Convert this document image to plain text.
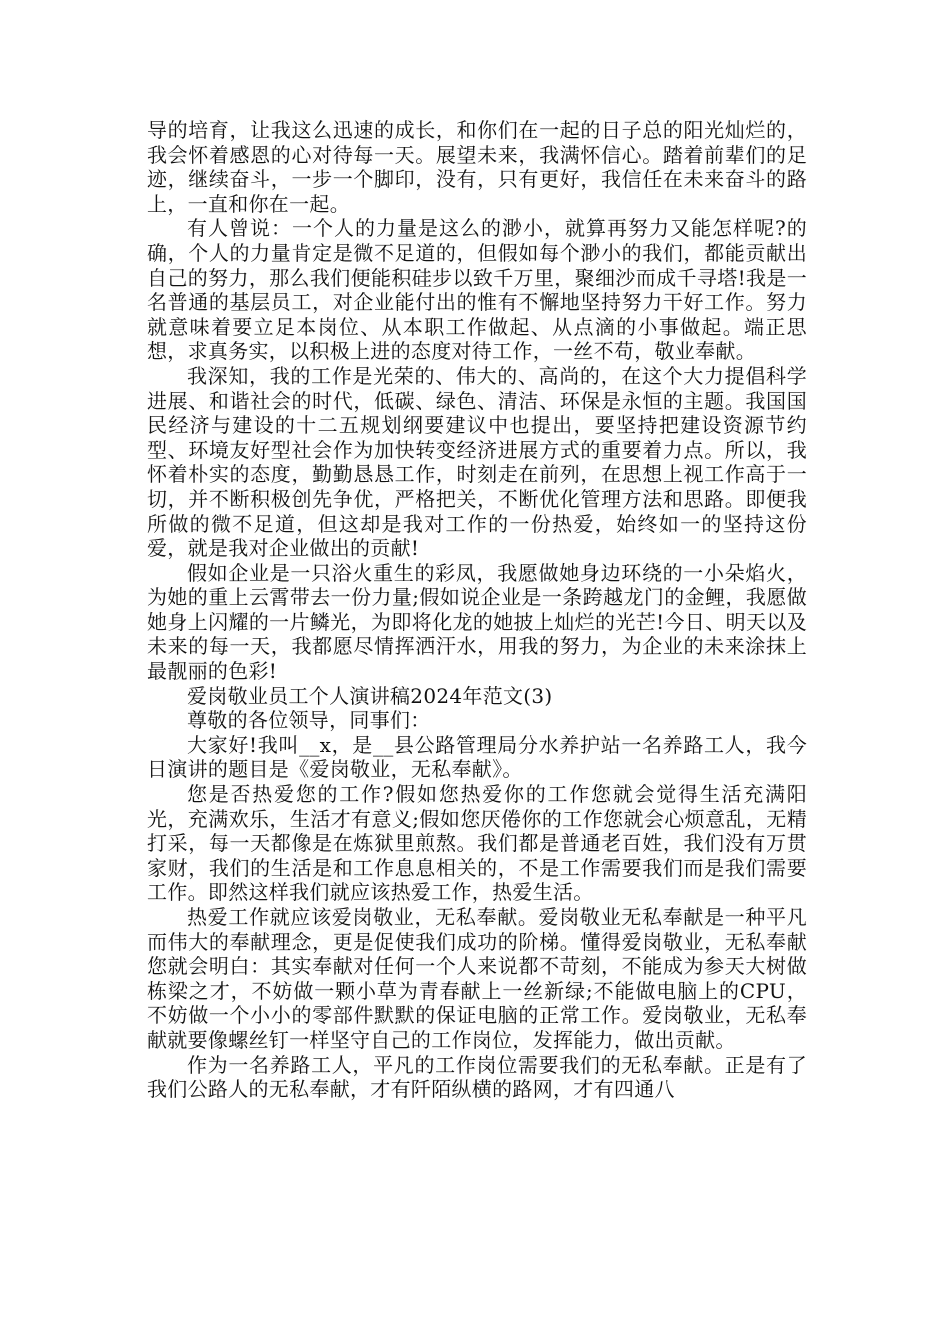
导的培育，让我这么迅速的成长，和你们在一起的日子总的阳光灿烂的，我会怀着感恩的心对待每一天。展望未来，我满怀信心。踏着前辈们的足迹，继续奋斗，一步一个脚印，没有，只有更好，我信任在未来奋斗的路上，一直和你在一起。

有人曾说：一个人的力量是这么的渺小，就算再努力又能怎样呢?的确，个人的力量肯定是微不足道的，但假如每个渺小的我们，都能贡献出自己的努力，那么我们便能积硅步以致千万里，聚细沙而成千寻塔!我是一名普通的基层员工，对企业能付出的惟有不懈地坚持努力干好工作。努力就意味着要立足本岗位、从本职工作做起、从点滴的小事做起。端正思想，求真务实，以积极上进的态度对待工作，一丝不苟，敬业奉献。

我深知，我的工作是光荣的、伟大的、高尚的，在这个大力提倡科学进展、和谐社会的时代，低碳、绿色、清洁、环保是永恒的主题。我国国民经济与建设的十二五规划纲要建议中也提出，要坚持把建设资源节约型、环境友好型社会作为加快转变经济进展方式的重要着力点。所以，我怀着朴实的态度，勤勤恳恳工作，时刻走在前列，在思想上视工作高于一切，并不断积极创先争优，严格把关，不断优化管理方法和思路。即便我所做的微不足道，但这却是我对工作的一份热爱，始终如一的坚持这份爱，就是我对企业做出的贡献!

假如企业是一只浴火重生的彩凤，我愿做她身边环绕的一小朵焰火，为她的重上云霄带去一份力量;假如说企业是一条跨越龙门的金鲤，我愿做她身上闪耀的一片鳞光，为即将化龙的她披上灿烂的光芒!今日、明天以及未来的每一天，我都愿尽情挥洒汗水，用我的努力，为企业的未来涂抹上最靓丽的色彩!

爱岗敬业员工个人演讲稿2024年范文(3)

尊敬的各位领导，同事们：

大家好!我叫__x，是__县公路管理局分水养护站一名养路工人，我今日演讲的题目是《爱岗敬业，无私奉献》。

您是否热爱您的工作?假如您热爱你的工作您就会觉得生活充满阳光，充满欢乐，生活才有意义;假如您厌倦你的工作您就会心烦意乱，无精打采，每一天都像是在炼狱里煎熬。我们都是普通老百姓，我们没有万贯家财，我们的生活是和工作息息相关的，不是工作需要我们而是我们需要工作。即然这样我们就应该热爱工作，热爱生活。

热爱工作就应该爱岗敬业，无私奉献。爱岗敬业无私奉献是一种平凡而伟大的奉献理念，更是促使我们成功的阶梯。懂得爱岗敬业，无私奉献您就会明白：其实奉献对任何一个人来说都不苛刻，不能成为参天大树做栋梁之才，不妨做一颗小草为青春献上一丝新绿;不能做电脑上的CPU，不妨做一个小小的零部件默默的保证电脑的正常工作。爱岗敬业，无私奉献就要像螺丝钉一样坚守自己的工作岗位，发挥能力，做出贡献。

作为一名养路工人，平凡的工作岗位需要我们的无私奉献。正是有了我们公路人的无私奉献，才有阡陌纵横的路网，才有四通八
